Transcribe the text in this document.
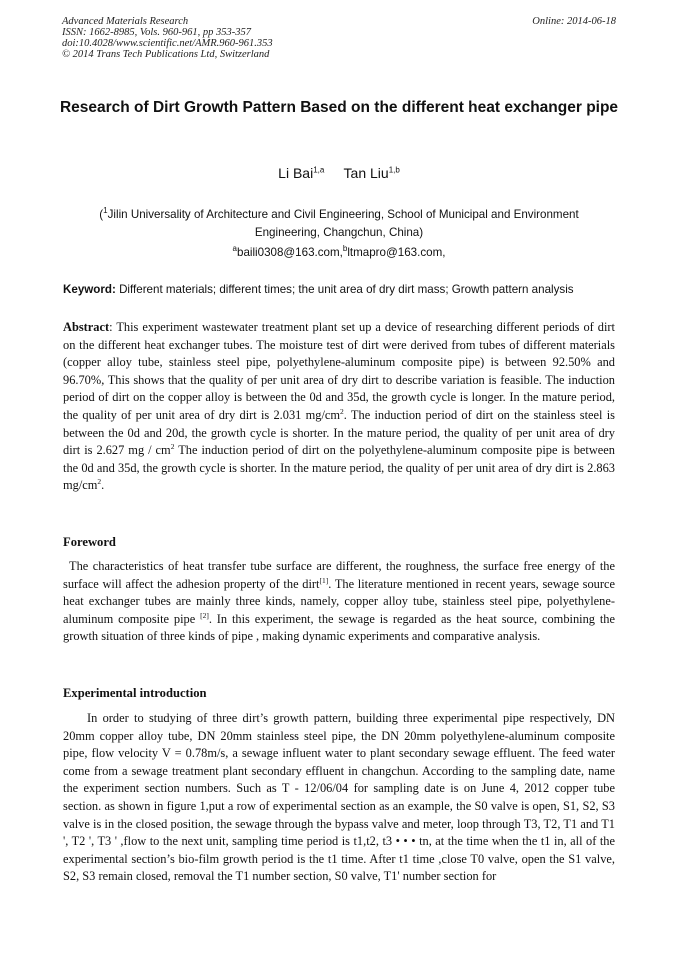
Advanced Materials Research
ISSN: 1662-8985, Vols. 960-961, pp 353-357
doi:10.4028/www.scientific.net/AMR.960-961.353
© 2014 Trans Tech Publications Ltd, Switzerland
Online: 2014-06-18
Research of Dirt Growth Pattern Based on the different heat exchanger pipe
Li Bai$^{1,a}$ Tan Liu$^{1,b}$
($^1$Jilin Universality of Architecture and Civil Engineering, School of Municipal and Environment Engineering, Changchun, China)
$^a$baili0308@163.com,$^b$ltmapro@163.com,
Keyword: Different materials; different times; the unit area of dry dirt mass; Growth pattern analysis
Abstract: This experiment wastewater treatment plant set up a device of researching different periods of dirt on the different heat exchanger tubes. The moisture test of dirt were derived from tubes of different materials (copper alloy tube, stainless steel pipe, polyethylene-aluminum composite pipe) is between 92.50% and 96.70%, This shows that the quality of per unit area of dry dirt to describe variation is feasible. The induction period of dirt on the copper alloy is between the 0d and 35d, the growth cycle is longer. In the mature period, the quality of per unit area of dry dirt is 2.031 $mg/cm^2$. The induction period of dirt on the stainless steel is between the 0d and 20d, the growth cycle is shorter. In the mature period, the quality of per unit area of dry dirt is 2.627 mg / $cm^2$ The induction period of dirt on the polyethylene-aluminum composite pipe is between the 0d and 35d, the growth cycle is shorter. In the mature period, the quality of per unit area of dry dirt is 2.863 $mg/cm^2$.
Foreword
The characteristics of heat transfer tube surface are different, the roughness, the surface free energy of the surface will affect the adhesion property of the dirt[1]. The literature mentioned in recent years, sewage source heat exchanger tubes are mainly three kinds, namely, copper alloy tube, stainless steel pipe, polyethylene-aluminum composite pipe [2]. In this experiment, the sewage is regarded as the heat source, combining the growth situation of three kinds of pipe , making dynamic experiments and comparative analysis.
Experimental introduction
In order to studying of three dirt’s growth pattern, building three experimental pipe respectively, DN 20mm copper alloy tube, DN 20mm stainless steel pipe, the DN 20mm polyethylene-aluminum composite pipe, flow velocity V = 0.78m/s, a sewage influent water to plant secondary sewage effluent. The feed water come from a sewage treatment plant secondary effluent in changchun. According to the sampling date, name the experiment section numbers. Such as T - 12/06/04 for sampling date is on June 4, 2012 copper tube section. as shown in figure 1,put a row of experimental section as an example, the S0 valve is open, S1, S2, S3 valve is in the closed position, the sewage through the bypass valve and meter, loop through T3, T2, T1 and T1 ', T2 ', T3 ' ,flow to the next unit, sampling time period is t1,t2, t3 • • • tn, at the time when the t1 in, all of the experimental section’s bio-film growth period is the t1 time. After t1 time ,close T0 valve, open the S1 valve, S2, S3 remain closed, removal the T1 number section, S0 valve, T1' number section for
